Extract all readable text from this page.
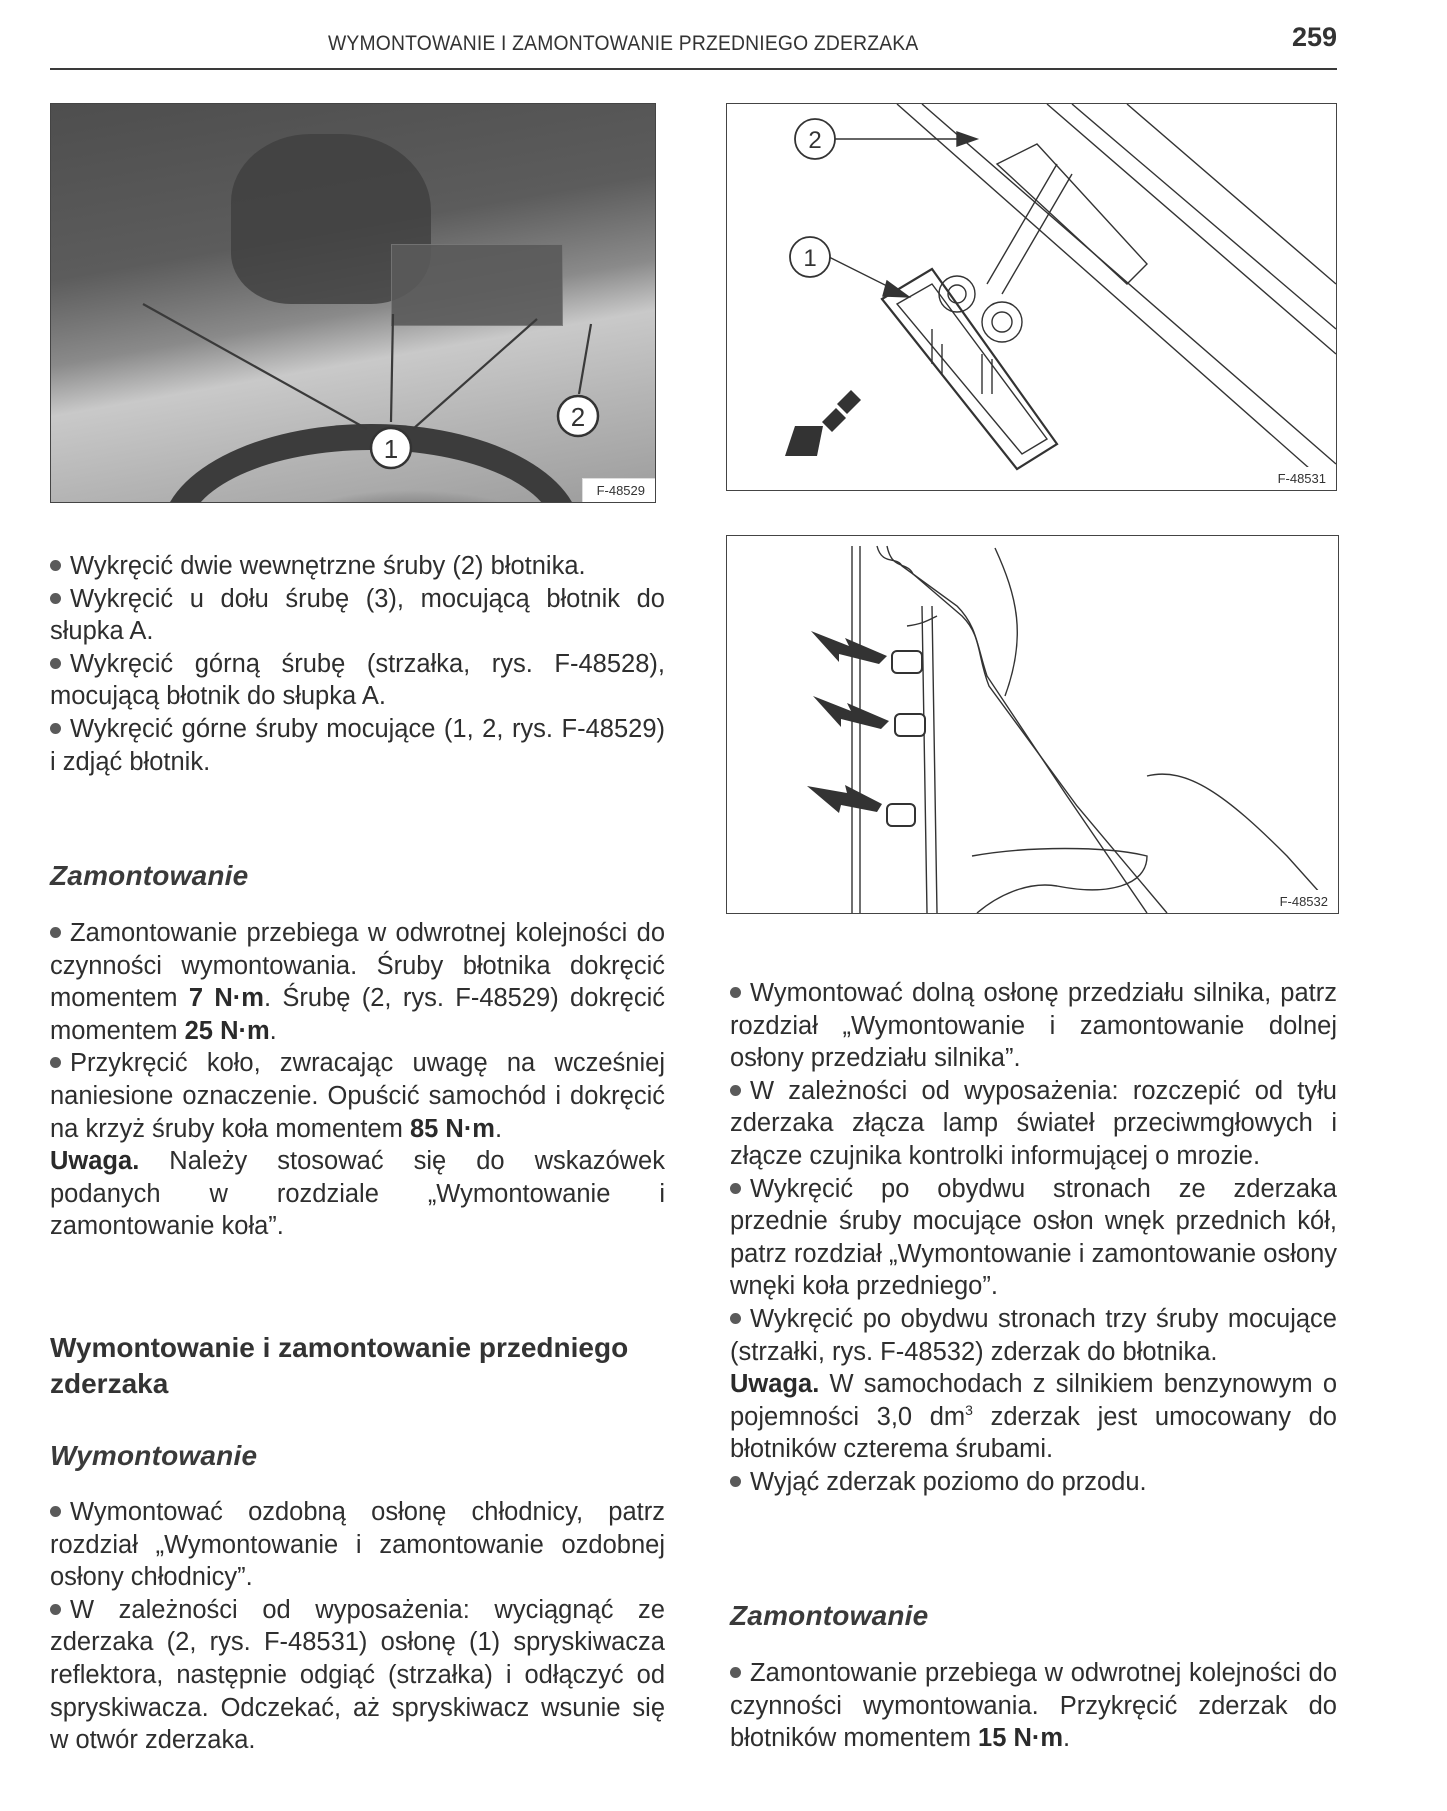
WYMONTOWANIE I ZAMONTOWANIE PRZEDNIEGO ZDERZAKA	259
1
2
F-48529
2
1
F-48531
F-48532

Wykręcić dwie wewnętrzne śruby (2) błotnika.

Wykręcić u dołu śrubę (3), mocującą błotnik do słupka A.

Wykręcić górną śrubę (strzałka, rys. F-48528), mocującą błotnik do słupka A.

Wykręcić górne śruby mocujące (1, 2, rys. F-48529) i zdjąć błotnik.

Zamontowanie

Zamontowanie przebiega w odwrotnej kolejności do czynności wymontowania. Śruby błotnika dokręcić momentem 7 N·m. Śrubę (2, rys. F-48529) dokręcić momentem 25 N·m.

Przykręcić koło, zwracając uwagę na wcześniej naniesione oznaczenie. Opuścić samochód i dokręcić na krzyż śruby koła momentem 85 N·m.

Uwaga. Należy stosować się do wskazówek podanych w rozdziale „Wymontowanie i zamontowanie koła”.

Wymontowanie i zamontowanie przedniego zderzaka
Wymontowanie

Wymontować ozdobną osłonę chłodnicy, patrz rozdział „Wymontowanie i zamontowanie ozdobnej osłony chłodnicy”.

W zależności od wyposażenia: wyciągnąć ze zderzaka (2, rys. F-48531) osłonę (1) spryskiwacza reflektora, następnie odgiąć (strzałka) i odłączyć od spryskiwacza. Odczekać, aż spryskiwacz wsunie się w otwór zderzaka.

Wymontować dolną osłonę przedziału silnika, patrz rozdział „Wymontowanie i zamontowanie dolnej osłony przedziału silnika”.

W zależności od wyposażenia: rozczepić od tyłu zderzaka złącza lamp świateł przeciwmgłowych i złącze czujnika kontrolki informującej o mrozie.

Wykręcić po obydwu stronach ze zderzaka przednie śruby mocujące osłon wnęk przednich kół, patrz rozdział „Wymontowanie i zamontowanie osłony wnęki koła przedniego”.

Wykręcić po obydwu stronach trzy śruby mocujące (strzałki, rys. F-48532) zderzak do błotnika.

Uwaga. W samochodach z silnikiem benzynowym o pojemności 3,0 $dm^3$ zderzak jest umocowany do błotników czterema śrubami.

Wyjąć zderzak poziomo do przodu.

Zamontowanie

Zamontowanie przebiega w odwrotnej kolejności do czynności wymontowania. Przykręcić zderzak do błotników momentem 15 N·m.
